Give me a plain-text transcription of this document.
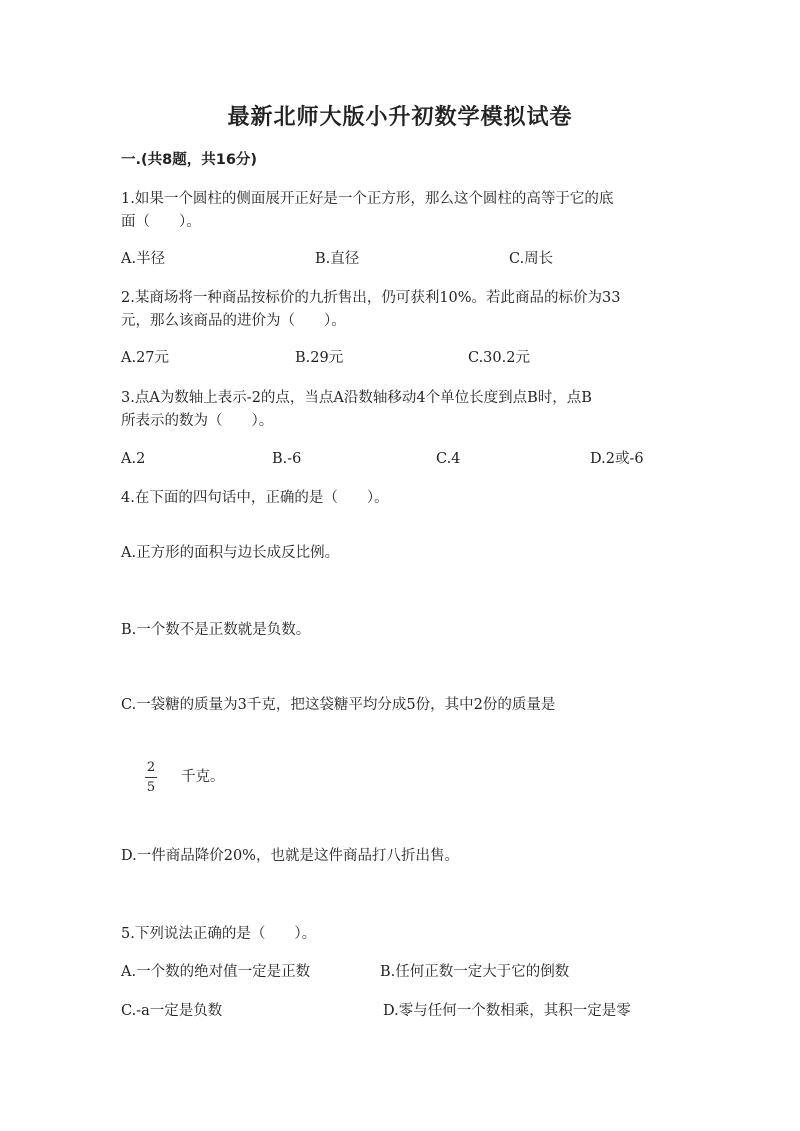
最新北师大版小升初数学模拟试卷
一.(共8题，共16分)
1.如果一个圆柱的侧面展开正好是一个正方形，那么这个圆柱的高等于它的底
面（　　）。
A.半径	B.直径	C.周长
2.某商场将一种商品按标价的九折售出，仍可获利10%。若此商品的标价为33
元，那么该商品的进价为（　　）。
A.27元	B.29元	C.30.2元
3.点A为数轴上表示-2的点，当点A沿数轴移动4个单位长度到点B时，点B
所表示的数为（　　）。
A.2	B.-6	C.4	D.2或-6
4.在下面的四句话中，正确的是（　　）。
A.正方形的面积与边长成反比例。
B.一个数不是正数就是负数。
C.一袋糖的质量为3千克，把这袋糖平均分成5份，其中2份的质量是
2
5
千克。
D.一件商品降价20%，也就是这件商品打八折出售。
5.下列说法正确的是（　　）。
A.一个数的绝对值一定是正数	B.任何正数一定大于它的倒数
C.-a一定是负数	D.零与任何一个数相乘，其积一定是零
